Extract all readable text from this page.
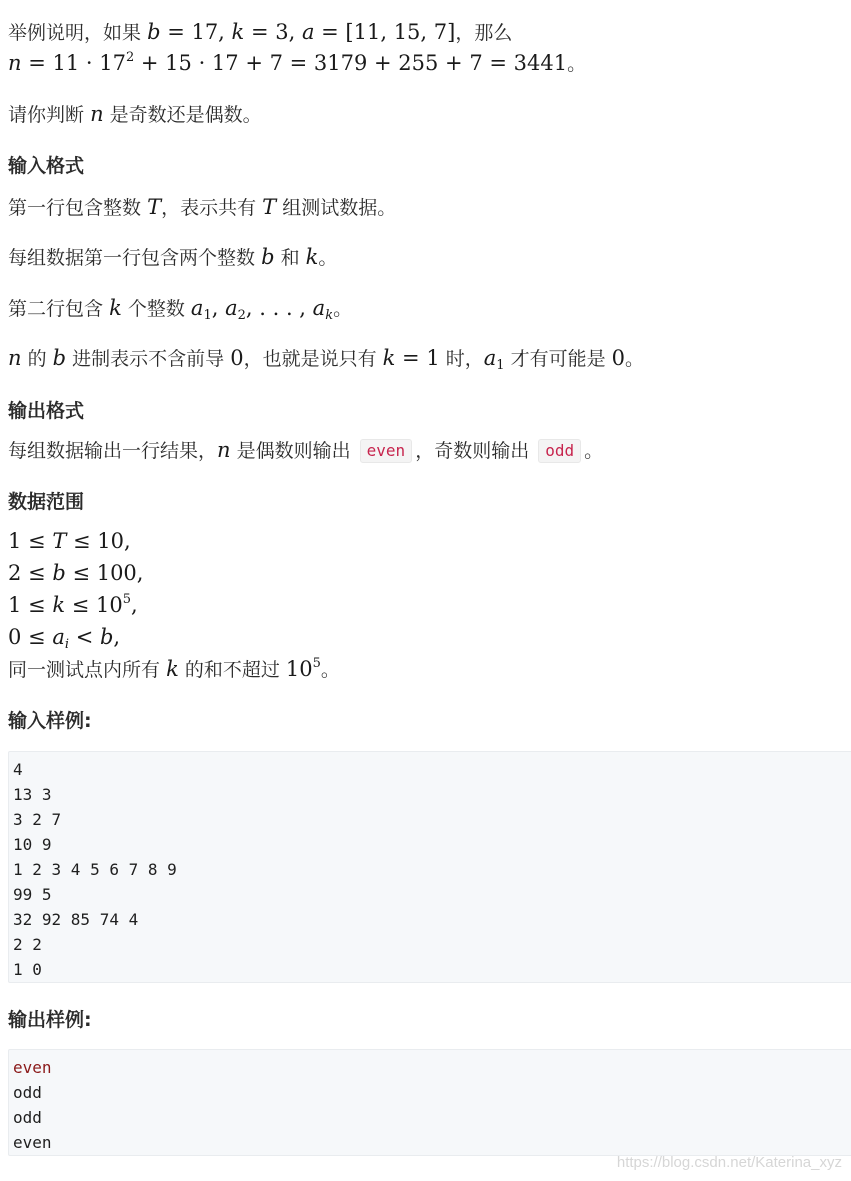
举例说明，如果 b = 17, k = 3, a = [11, 15, 7]，那么
$n = 11 \cdot 17^2 + 15 \cdot 17 + 7 = 3179 + 255 + 7 = 3441$。
请你判断 n 是奇数还是偶数。
输入格式
第一行包含整数 T，表示共有 T 组测试数据。
每组数据第一行包含两个整数 b 和 k。
第二行包含 k 个整数 $a_1$, $a_2$, . . . , $a_k$。
n 的 b 进制表示不含前导 0，也就是说只有 k = 1 时，$a_1$ 才有可能是 0。
输出格式
每组数据输出一行结果，n 是偶数则输出 even ，奇数则输出 odd 。
数据范围
1 ≤ T ≤ 10,
2 ≤ b ≤ 100,
$1 \le k \le 10^5$,
$0 \le a_i < b$,
同一测试点内所有 k 的和不超过 $10^5$。
输入样例:
4
13 3
3 2 7
10 9
1 2 3 4 5 6 7 8 9
99 5
32 92 85 74 4
2 2
1 0
输出样例:
even
odd
odd
even
https://blog.csdn.net/Katerina_xyz
